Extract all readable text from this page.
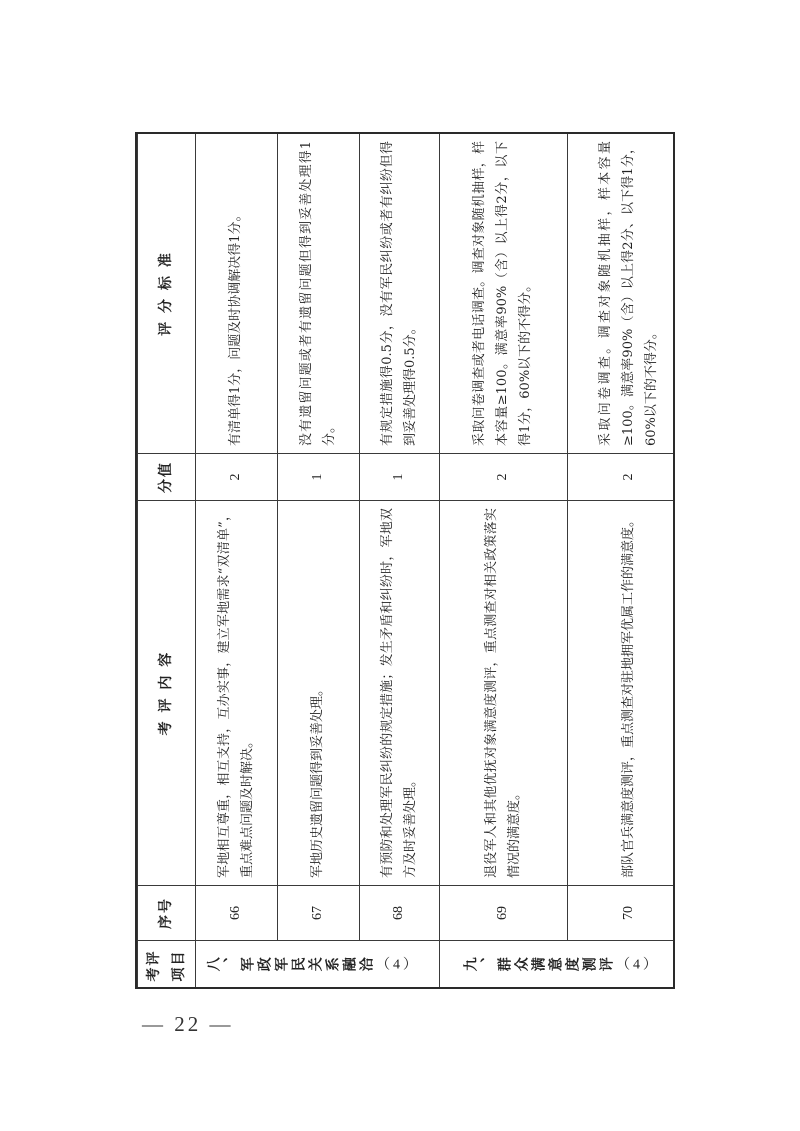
考评项目	序号	考 评 内 容	分值	评 分 标 准
八、军政军民关系融洽（4）	66	军地相互尊重，相互支持，互办实事，建立军地需求“双清单”，重点难点问题及时解决。	2	有清单得1分，问题及时协调解决得1分。
	67	军地历史遗留问题得到妥善处理。	1	没有遗留问题或者有遗留问题但得到妥善处理得1分。
	68	有预防和处理军民纠纷的规定措施；发生矛盾和纠纷时，军地双方及时妥善处理。	1	有规定措施得0.5分，没有军民纠纷或者有纠纷但得到妥善处理得0.5分。
九、群众满意度测评（4）	69	退役军人和其他优抚对象满意度测评，重点测查对相关政策落实情况的满意度。	2	采取问卷调查或者电话调查。调查对象随机抽样，样本容量≥100。满意率90%（含）以上得2分，以下得1分，60%以下的不得分。
	70	部队官兵满意度测评，重点测查对驻地拥军优属工作的满意度。	2	采取问卷调查。调查对象随机抽样，样本容量≥100。满意率90%（含）以上得2分、以下得1分，60%以下的不得分。
— 22 —
